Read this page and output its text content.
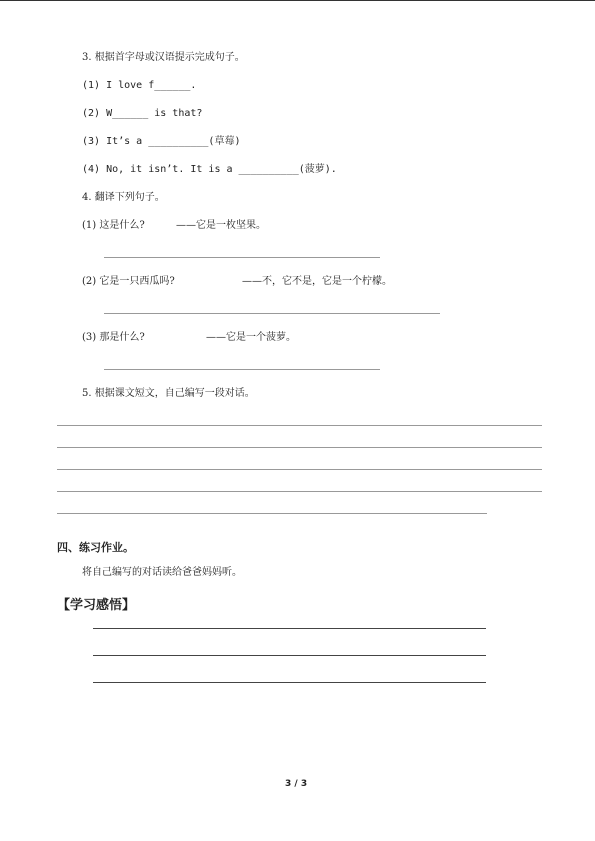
3. 根据首字母或汉语提示完成句子。
(1) I love f______.
(2) W______ is that?
(3) It’s a __________(草莓)
(4) No, it isn’t. It is a __________(菠萝).
4. 翻译下列句子。
(1) 这是什么?	——它是一枚坚果。
(2) 它是一只西瓜吗?	——不，它不是，它是一个柠檬。
(3) 那是什么?	——它是一个菠萝。
5. 根据课文短文，自己编写一段对话。
四、练习作业。
将自己编写的对话读给爸爸妈妈听。
【学习感悟】
3 / 3
